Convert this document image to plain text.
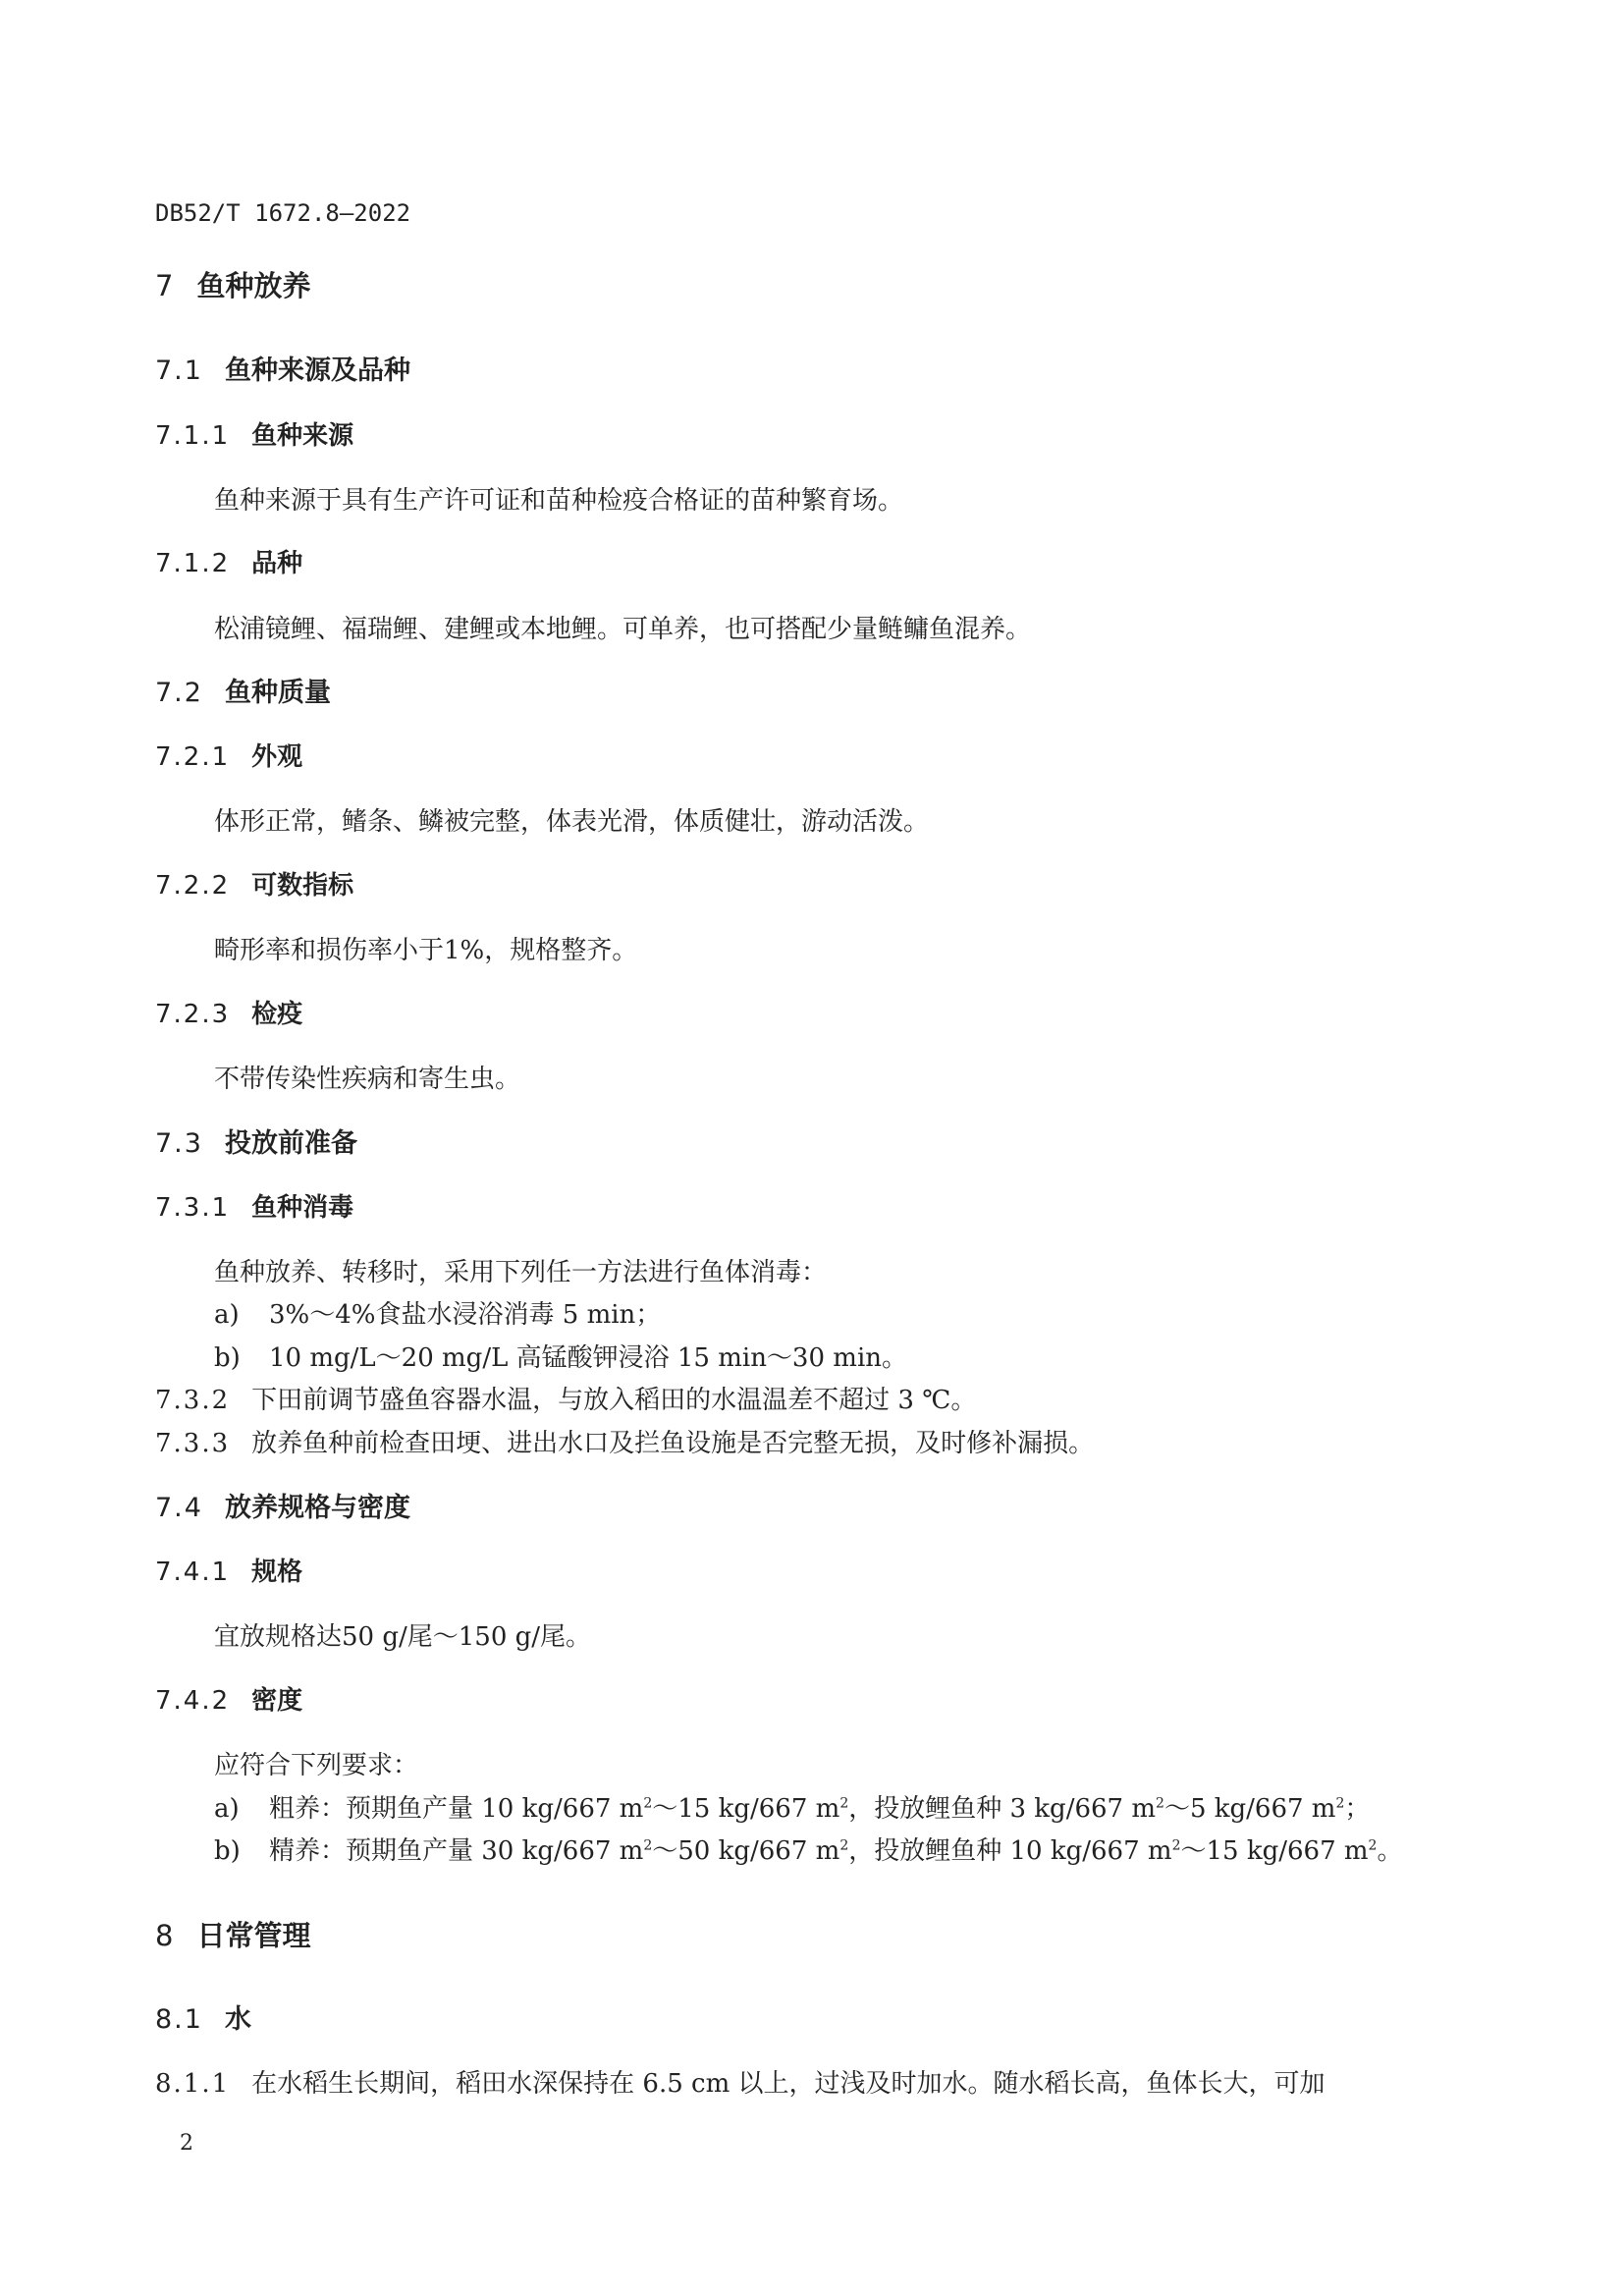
DB52/T 1672.8—2022
7 鱼种放养
7.1 鱼种来源及品种
7.1.1 鱼种来源
鱼种来源于具有生产许可证和苗种检疫合格证的苗种繁育场。
7.1.2 品种
松浦镜鲤、福瑞鲤、建鲤或本地鲤。可单养，也可搭配少量鲢鳙鱼混养。
7.2 鱼种质量
7.2.1 外观
体形正常，鳍条、鳞被完整，体表光滑，体质健壮，游动活泼。
7.2.2 可数指标
畸形率和损伤率小于1%，规格整齐。
7.2.3 检疫
不带传染性疾病和寄生虫。
7.3 投放前准备
7.3.1 鱼种消毒
鱼种放养、转移时，采用下列任一方法进行鱼体消毒：
a) 3%～4%食盐水浸浴消毒 5 min；
b) 10 mg/L～20 mg/L 高锰酸钾浸浴 15 min～30 min。
7.3.2 下田前调节盛鱼容器水温，与放入稻田的水温温差不超过 3 ℃。
7.3.3 放养鱼种前检查田埂、进出水口及拦鱼设施是否完整无损，及时修补漏损。
7.4 放养规格与密度
7.4.1 规格
宜放规格达50 g/尾～150 g/尾。
7.4.2 密度
应符合下列要求：
a) 粗养：预期鱼产量 10 kg/667 $m^2\sim 15$ kg/667 $m^2$，投放鲤鱼种 3 kg/667 $m^2\sim 5$ kg/667 $m^2$；
b) 精养：预期鱼产量 30 kg/667 $m^2\sim 50$ kg/667 $m^2$，投放鲤鱼种 10 kg/667 $m^2\sim 15$ kg/667 $m^2$。
8 日常管理
8.1 水
8.1.1 在水稻生长期间，稻田水深保持在 6.5 cm 以上，过浅及时加水。随水稻长高，鱼体长大，可加
2
